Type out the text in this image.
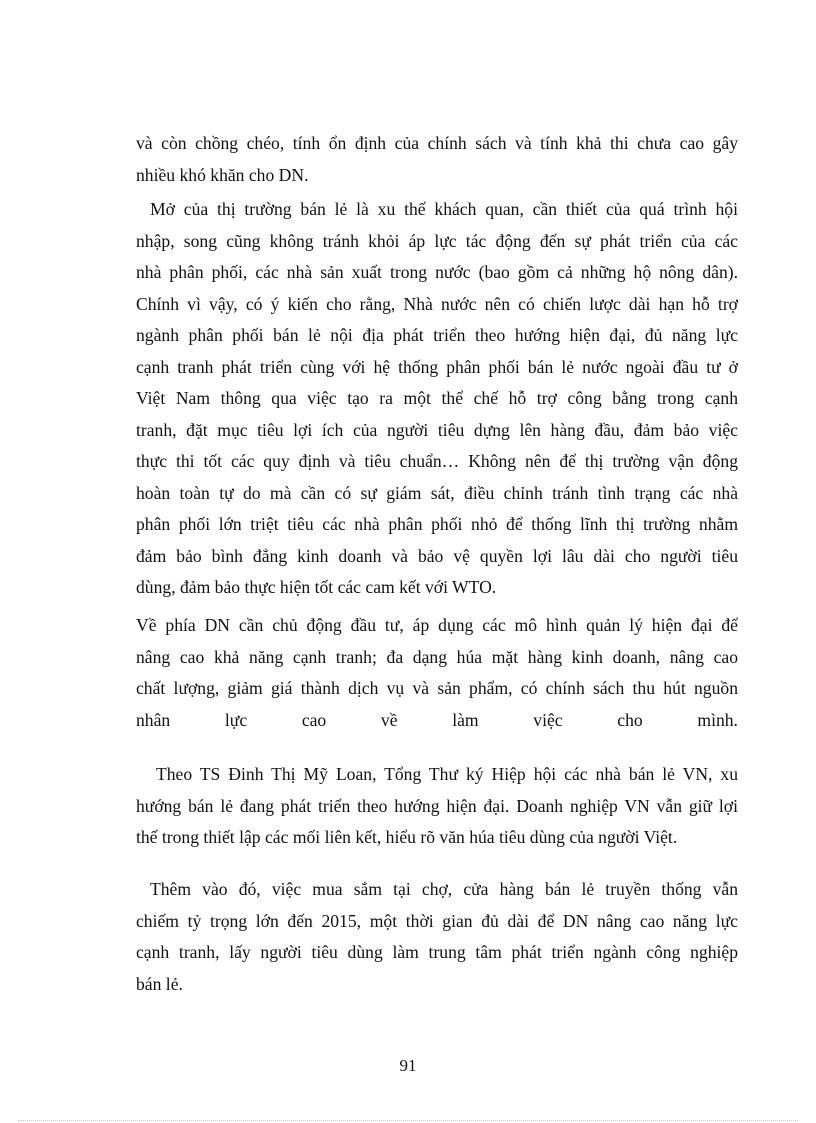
và còn chồng chéo, tính ổn định của chính sách và tính khả thi chưa cao gây
nhiều khó khăn cho DN.
Mở của thị trường bán lẻ là xu thế khách quan, cần thiết của quá trình hội
nhập, song cũng không tránh khỏi áp lực tác động đến sự phát triển của các
nhà phân phối, các nhà sản xuất trong nước (bao gồm cả những hộ nông dân).
Chính vì vậy, có ý kiến cho rằng, Nhà nước nên có chiến lược dài hạn hỗ trợ
ngành phân phối bán lẻ nội địa phát triển theo hướng hiện đại, đủ năng lực
cạnh tranh phát triển cùng với hệ thống phân phối bán lẻ nước ngoài đầu tư ở
Việt Nam thông qua việc tạo ra một thể chế hỗ trợ công bằng trong cạnh
tranh, đặt mục tiêu lợi ích của người tiêu dựng lên hàng đầu, đảm bảo việc
thực thi tốt các quy định và tiêu chuẩn… Không nên để thị trường vận động
hoàn toàn tự do mà cần có sự giám sát, điều chỉnh tránh tình trạng các nhà
phân phối lớn triệt tiêu các nhà phân phối nhỏ để thống lĩnh thị trường nhằm
đảm bảo bình đẳng kinh doanh và bảo vệ quyền lợi lâu dài cho người tiêu
dùng, đảm bảo thực hiện tốt các cam kết với WTO.
Về phía DN cần chủ động đầu tư, áp dụng các mô hình quản lý hiện đại để
nâng cao khả năng cạnh tranh; đa dạng húa mặt hàng kinh doanh, nâng cao
chất lượng, giảm giá thành dịch vụ và sản phẩm, có chính sách thu hút nguồn
nhân	lực	cao	về	làm	việc	cho	mình.
Theo TS Đinh Thị Mỹ Loan, Tổng Thư ký Hiệp hội các nhà bán lẻ VN, xu
hướng bán lẻ đang phát triển theo hướng hiện đại. Doanh nghiệp VN vẫn giữ lợi
thế trong thiết lập các mối liên kết, hiểu rõ văn húa tiêu dùng của người Việt.
Thêm vào đó, việc mua sắm tại chợ, cửa hàng bán lẻ truyền thống vẫn
chiếm tỷ trọng lớn đến 2015, một thời gian đủ dài để DN nâng cao năng lực
cạnh tranh, lấy người tiêu dùng làm trung tâm phát triển ngành công nghiệp
bán lẻ.
91
